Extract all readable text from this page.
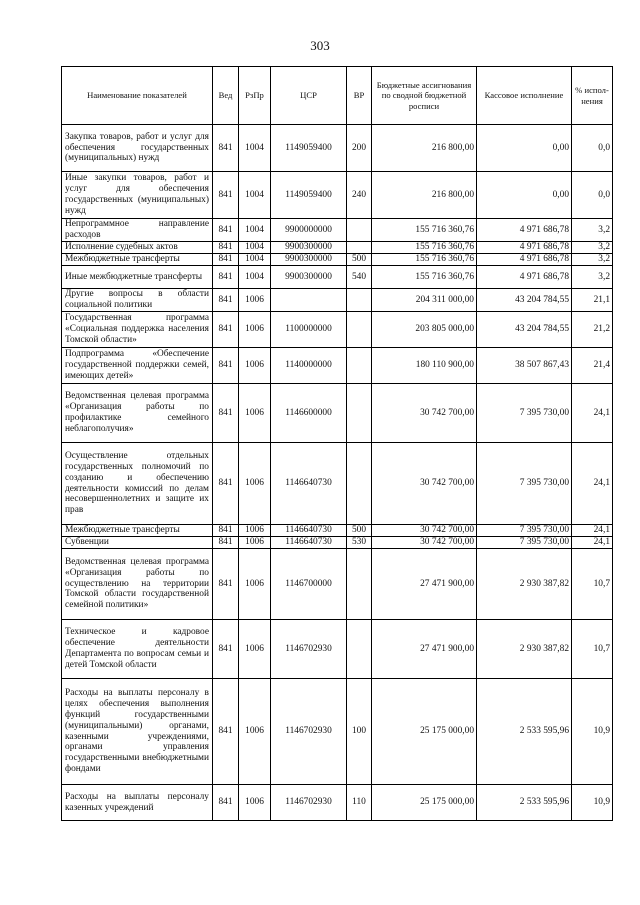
303
Наименование показателей	Вед	РзПр	ЦСР	ВР	Бюджетные ассигнования по сводной бюджетной росписи	Кассовое исполнение	% испол-нения
Закупка товаров, работ и услуг для обеспечения государственных (муниципальных) нужд	841	1004	1149059400	200	216 800,00	0,00	0,0
Иные закупки товаров, работ и услуг для обеспечения государственных (муниципальных) нужд	841	1004	1149059400	240	216 800,00	0,00	0,0
Непрограммное направление расходов	841	1004	9900000000		155 716 360,76	4 971 686,78	3,2
Исполнение судебных актов	841	1004	9900300000		155 716 360,76	4 971 686,78	3,2
Межбюджетные трансферты	841	1004	9900300000	500	155 716 360,76	4 971 686,78	3,2
Иные межбюджетные трансферты	841	1004	9900300000	540	155 716 360,76	4 971 686,78	3,2
Другие вопросы в области социальной политики	841	1006			204 311 000,00	43 204 784,55	21,1
Государственная программа «Социальная поддержка населения Томской области»	841	1006	1100000000		203 805 000,00	43 204 784,55	21,2
Подпрограмма «Обеспечение государственной поддержки семей, имеющих детей»	841	1006	1140000000		180 110 900,00	38 507 867,43	21,4
Ведомственная целевая программа «Организация работы по профилактике семейного неблагополучия»	841	1006	1146600000		30 742 700,00	7 395 730,00	24,1
Осуществление отдельных государственных полномочий по созданию и обеспечению деятельности комиссий по делам несовершеннолетних и защите их прав	841	1006	1146640730		30 742 700,00	7 395 730,00	24,1
Межбюджетные трансферты	841	1006	1146640730	500	30 742 700,00	7 395 730,00	24,1
Субвенции	841	1006	1146640730	530	30 742 700,00	7 395 730,00	24,1
Ведомственная целевая программа «Организация работы по осуществлению на территории Томской области государственной семейной политики»	841	1006	1146700000		27 471 900,00	2 930 387,82	10,7
Техническое и кадровое обеспечение деятельности Департамента по вопросам семьи и детей Томской области	841	1006	1146702930		27 471 900,00	2 930 387,82	10,7
Расходы на выплаты персоналу в целях обеспечения выполнения функций государственными (муниципальными) органами, казенными учреждениями, органами управления государственными внебюджетными фондами	841	1006	1146702930	100	25 175 000,00	2 533 595,96	10,9
Расходы на выплаты персоналу казенных учреждений	841	1006	1146702930	110	25 175 000,00	2 533 595,96	10,9
